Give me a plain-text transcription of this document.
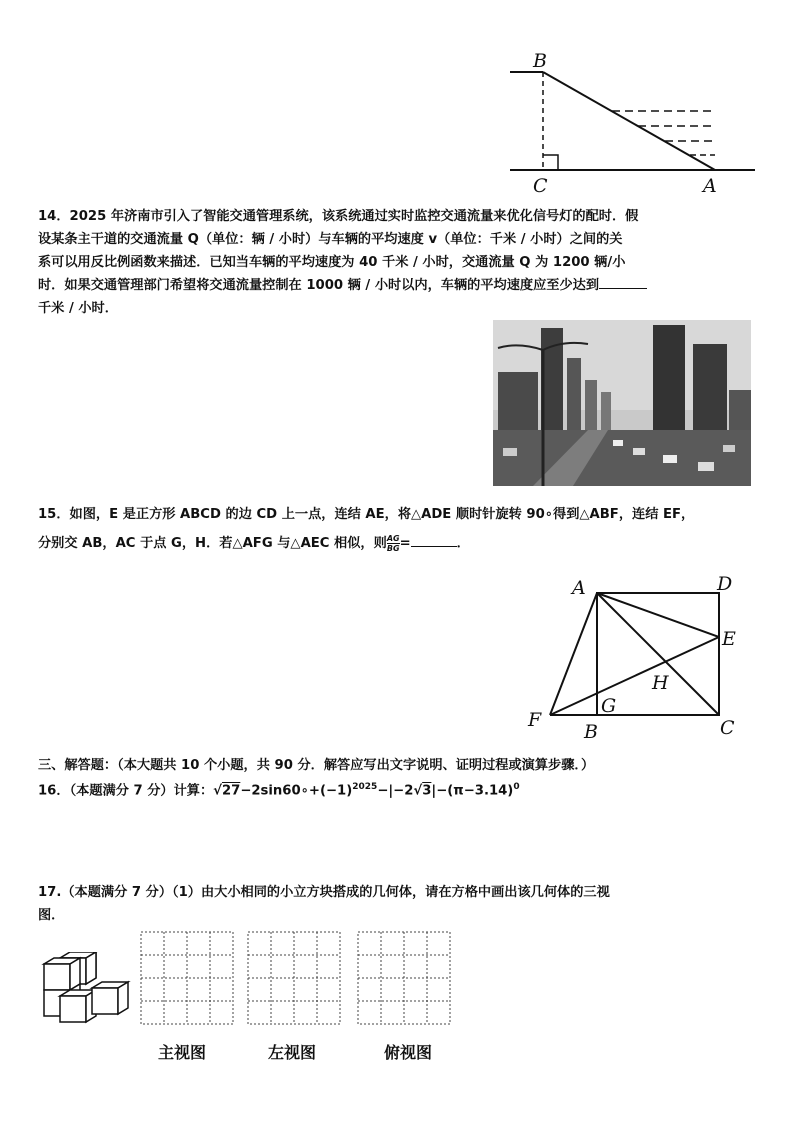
B
C	A
14．2025 年济南市引入了智能交通管理系统，该系统通过实时监控交通流量来优化信号灯的配时．假
设某条主干道的交通流量 Q（单位：辆 / 小时）与车辆的平均速度 v（单位：千米 / 小时）之间的关
系可以用反比例函数来描述．已知当车辆的平均速度为 40 千米 / 小时，交通流量 Q 为 1200 辆/小
时．如果交通管理部门希望将交通流量控制在 1000 辆 / 小时以内，车辆的平均速度应至少达到
千米 / 小时．
15．如图，E 是正方形 ABCD 的边 CD 上一点，连结 AE，将△ADE 顺时针旋转 90∘得到△ABF，连结 EF，
分别交 AB，AC 于点 G，H．若△AFG 与△AEC 相似，则 $\frac{AG}{BG}=$	．
A	D
E
H
G
F
B	C
三、解答题：（本大题共 10 个小题，共 90 分．解答应写出文字说明、证明过程或演算步骤．）
16．（本题满分 7 分）计算：$√27-2\sin 60\circ+(-1)^{2025}-|-2√3|-(\pi-3.14)^0$
17.（本题满分 7 分）（1）由大小相同的小立方块搭成的几何体，请在方格中画出该几何体的三视
图．
主视图	左视图	俯视图
